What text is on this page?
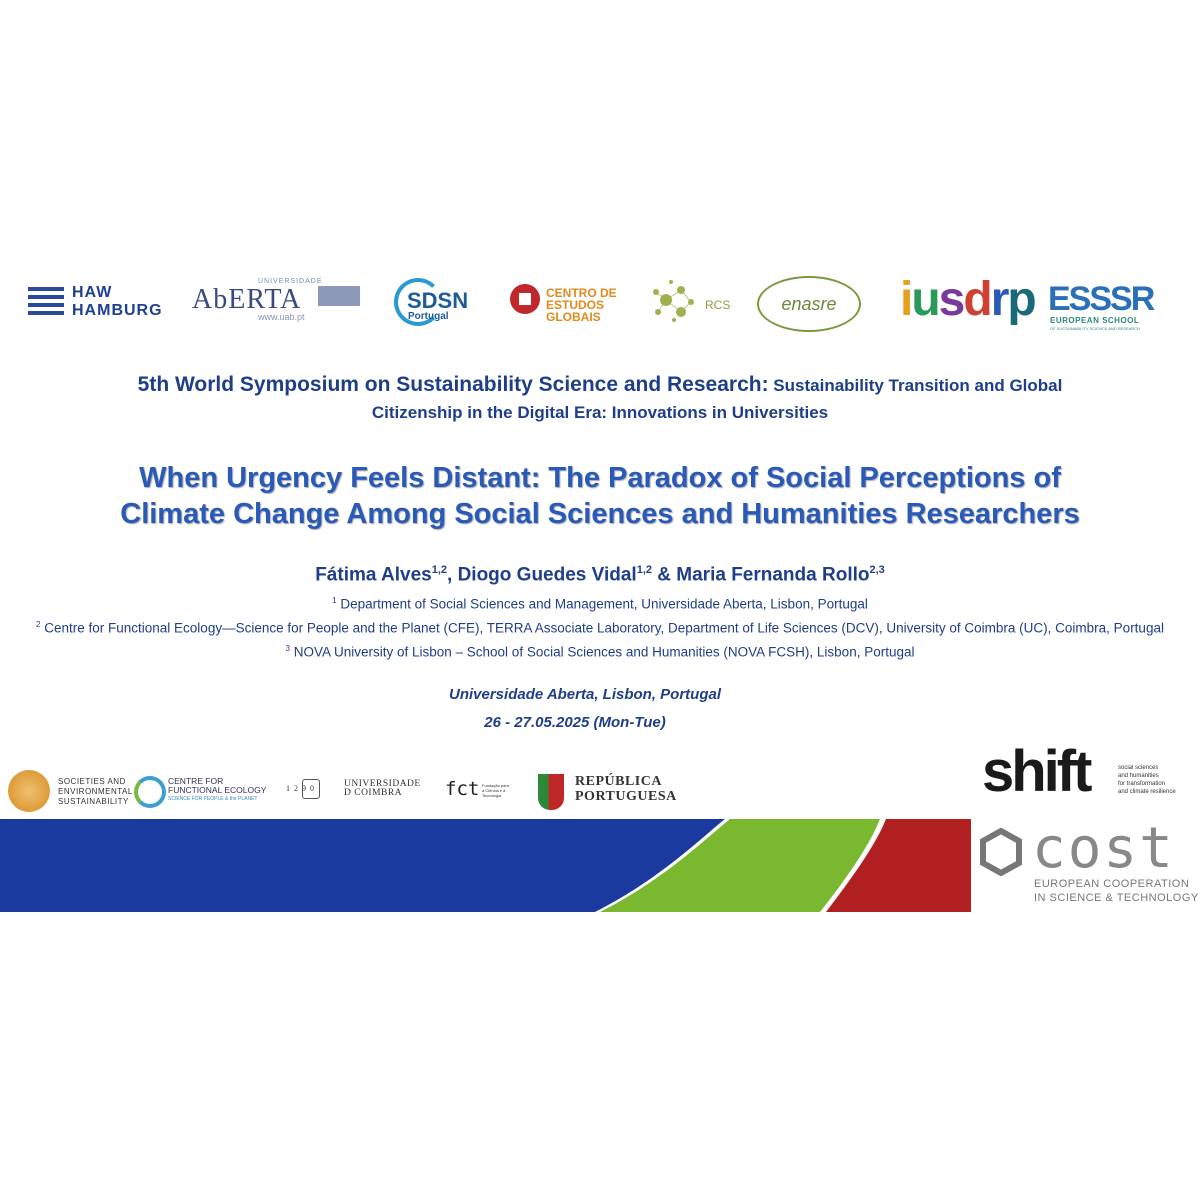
HAW
HAMBURG
UNIVERSIDADE
AbERTA
www.uab.pt
SDSN
Portugal
CENTRO DE
ESTUDOS
GLOBAIS
RCS	enasre	iusdrp ESSSR
EUROPEAN SCHOOL
OF SUSTAINABILITY SCIENCE AND RESEARCH
5th World Symposium on Sustainability Science and Research: Sustainability Transition and Global
Citizenship in the Digital Era: Innovations in Universities
When Urgency Feels Distant: The Paradox of Social Perceptions of
Climate Change Among Social Sciences and Humanities Researchers
Fátima Alves$^{1,2}$, Diogo Guedes Vidal$^{1,2}$ & Maria Fernanda Rollo$^{2,3}$
$^1$ Department of Social Sciences and Management, Universidade Aberta, Lisbon, Portugal
$^2$ Centre for Functional Ecology—Science for People and the Planet (CFE), TERRA Associate Laboratory, Department of Life Sciences (DCV), University of Coimbra (UC), Coimbra, Portugal
$^3$ NOVA University of Lisbon – School of Social Sciences and Humanities (NOVA FCSH), Lisbon, Portugal
Universidade Aberta, Lisbon, Portugal
26 - 27.05.2025 (Mon-Tue)
SOCIETIES AND
ENVIRONMENTAL
SUSTAINABILITY
CENTRE FOR
FUNCTIONAL ECOLOGY
SCIENCE FOR PEOPLE & the PLANET
1 2 9 0	UNIVERSIDADE D COIMBRA	fct Fundação para a Ciência e a Tecnologia
REPÚBLICA
PORTUGUESA	shift	social sciences
and humanities
for transformation
and climate resilience
cost
EUROPEAN COOPERATION
IN SCIENCE & TECHNOLOGY
